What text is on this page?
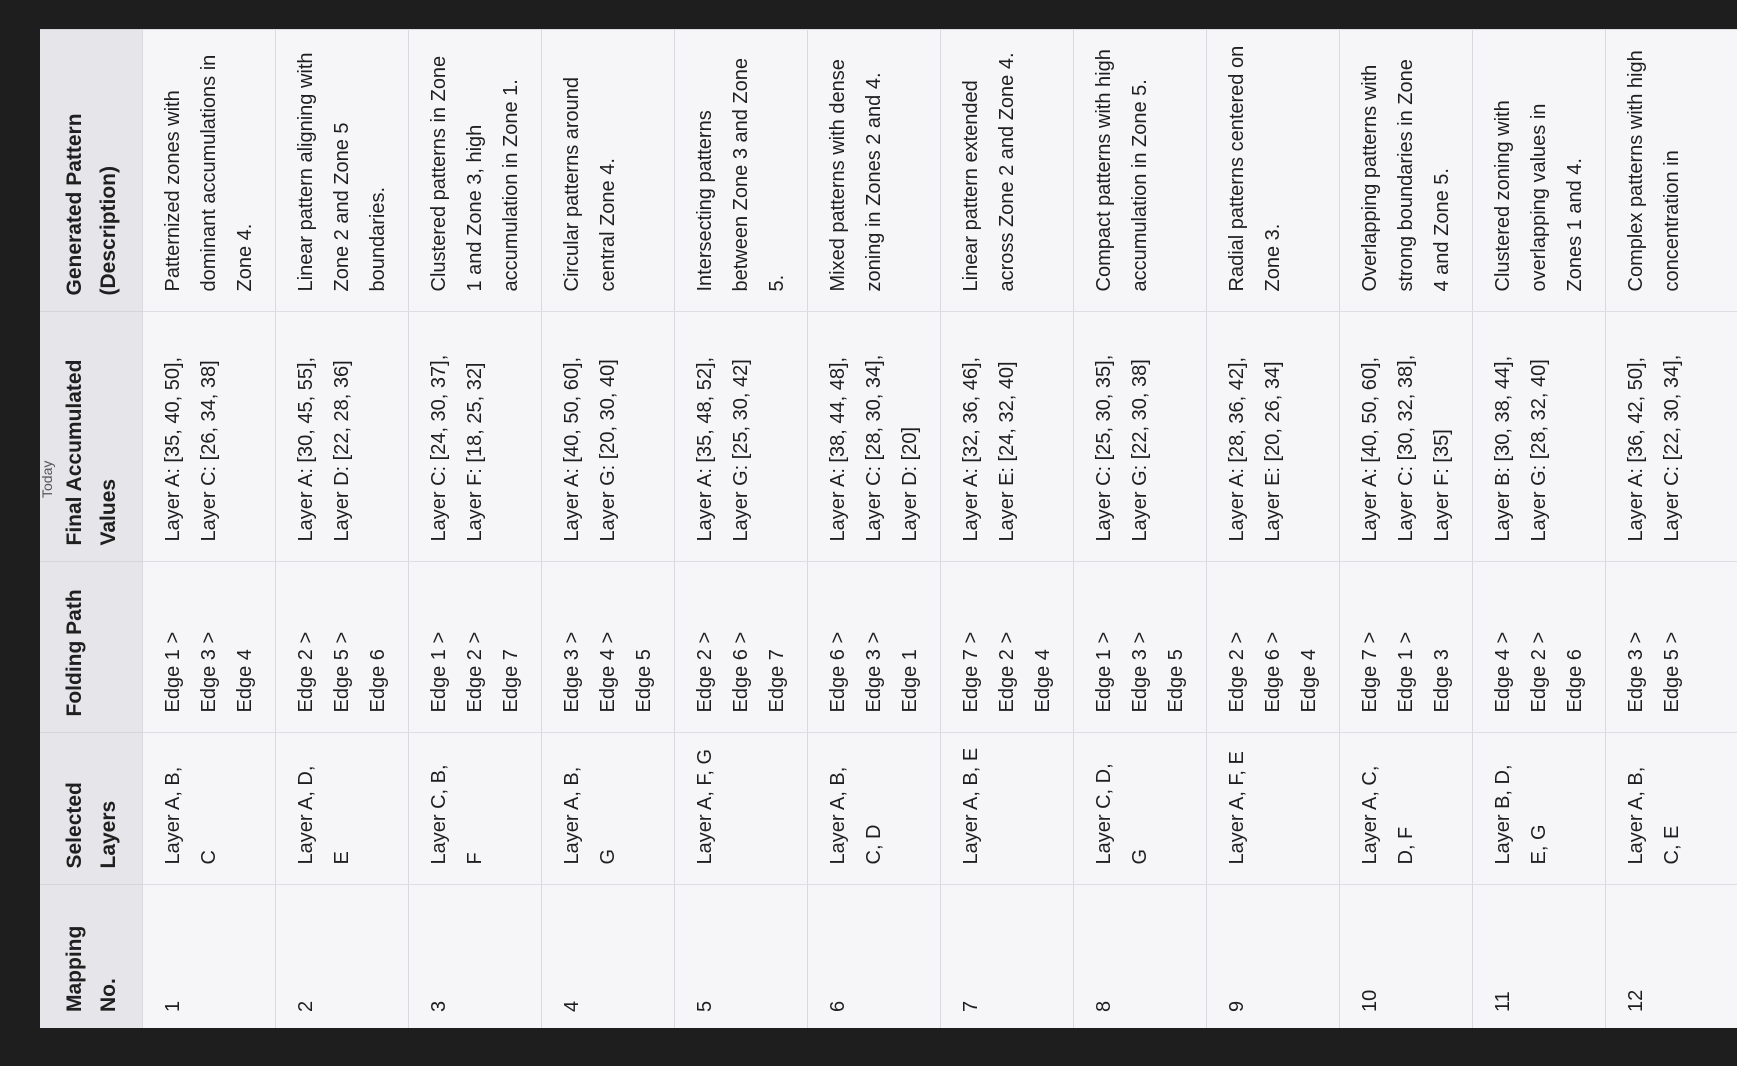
Mapping No.	Selected Layers	Folding Path	Final Accumulated Values	Generated Pattern (Description)
1	Layer A, B, C	Edge 1 > Edge 3 > Edge 4	Layer A: [35, 40, 50], Layer C: [26, 34, 38]	Patternized zones with dominant accumulations in Zone 4.
2	Layer A, D, E	Edge 2 > Edge 5 > Edge 6	Layer A: [30, 45, 55], Layer D: [22, 28, 36]	Linear pattern aligning with Zone 2 and Zone 5 boundaries.
3	Layer C, B, F	Edge 1 > Edge 2 > Edge 7	Layer C: [24, 30, 37], Layer F: [18, 25, 32]	Clustered patterns in Zone 1 and Zone 3, high accumulation in Zone 1.
4	Layer A, B, G	Edge 3 > Edge 4 > Edge 5	Layer A: [40, 50, 60], Layer G: [20, 30, 40]	Circular patterns around central Zone 4.
5	Layer A, F, G	Edge 2 > Edge 6 > Edge 7	Layer A: [35, 48, 52], Layer G: [25, 30, 42]	Intersecting patterns between Zone 3 and Zone 5.
6	Layer A, B, C, D	Edge 6 > Edge 3 > Edge 1	Layer A: [38, 44, 48], Layer C: [28, 30, 34], Layer D: [20]	Mixed patterns with dense zoning in Zones 2 and 4.
7	Layer A, B, E	Edge 7 > Edge 2 > Edge 4	Layer A: [32, 36, 46], Layer E: [24, 32, 40]	Linear pattern extended across Zone 2 and Zone 4.
8	Layer C, D, G	Edge 1 > Edge 3 > Edge 5	Layer C: [25, 30, 35], Layer G: [22, 30, 38]	Compact patterns with high accumulation in Zone 5.
9	Layer A, F, E	Edge 2 > Edge 6 > Edge 4	Layer A: [28, 36, 42], Layer E: [20, 26, 34]	Radial patterns centered on Zone 3.
10	Layer A, C, D, F	Edge 7 > Edge 1 > Edge 3	Layer A: [40, 50, 60], Layer C: [30, 32, 38], Layer F: [35]	Overlapping patterns with strong boundaries in Zone 4 and Zone 5.
11	Layer B, D, E, G	Edge 4 > Edge 2 > Edge 6	Layer B: [30, 38, 44], Layer G: [28, 32, 40]	Clustered zoning with overlapping values in Zones 1 and 4.
12	Layer A, B, C, E	Edge 3 > Edge 5 >	Layer A: [36, 42, 50], Layer C: [22, 30, 34],	Complex patterns with high concentration in
Today
